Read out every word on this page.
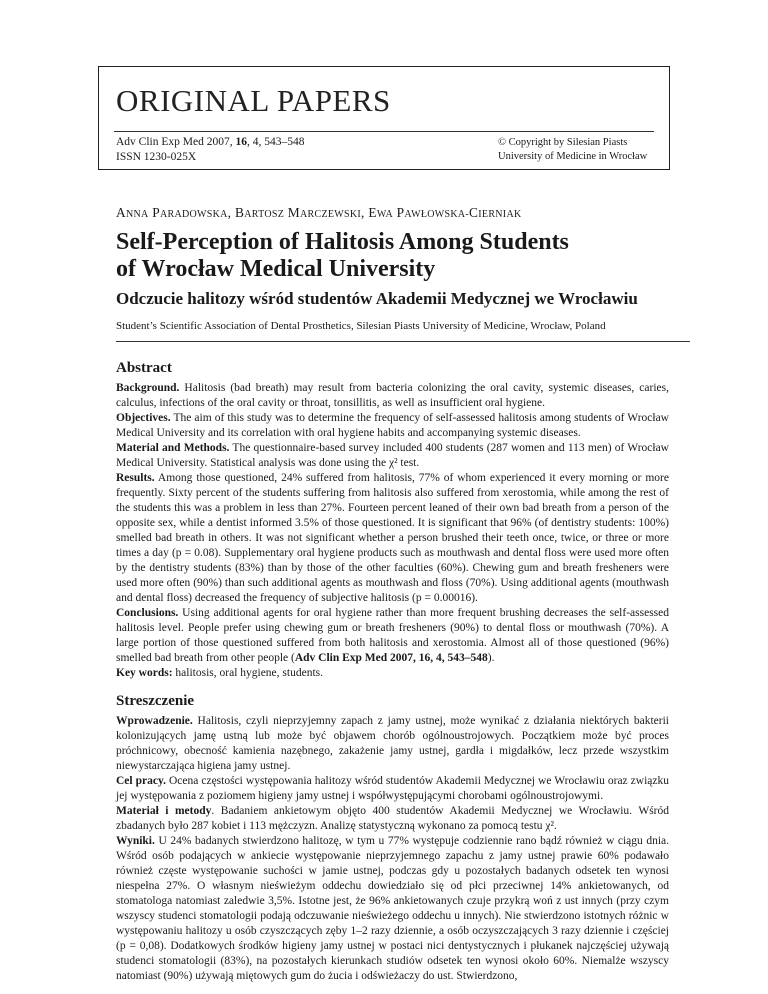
ORIGINAL PAPERS
Adv Clin Exp Med 2007, 16, 4, 543–548
ISSN 1230-025X
© Copyright by Silesian Piasts
University of Medicine in Wrocław
ANNA PARADOWSKA, BARTOSZ MARCZEWSKI, EWA PAWŁOWSKA-CIERNIAK
Self-Perception of Halitosis Among Students
of Wrocław Medical University
Odczucie halitozy wśród studentów Akademii Medycznej we Wrocławiu
Student’s Scientific Association of Dental Prosthetics, Silesian Piasts University of Medicine, Wrocław, Poland
Abstract

Background. Halitosis (bad breath) may result from bacteria colonizing the oral cavity, systemic diseases, caries, calculus, infections of the oral cavity or throat, tonsillitis, as well as insufficient oral hygiene.

Objectives. The aim of this study was to determine the frequency of self-assessed halitosis among students of Wrocław Medical University and its correlation with oral hygiene habits and accompanying systemic diseases.

Material and Methods. The questionnaire-based survey included 400 students (287 women and 113 men) of Wrocław Medical University. Statistical analysis was done using the χ² test.

Results. Among those questioned, 24% suffered from halitosis, 77% of whom experienced it every morning or more frequently. Sixty percent of the students suffering from halitosis also suffered from xerostomia, while among the rest of the students this was a problem in less than 27%. Fourteen percent leaned of their own bad breath from a person of the opposite sex, while a dentist informed 3.5% of those questioned. It is significant that 96% (of dentistry students: 100%) smelled bad breath in others. It was not significant whether a person brushed their teeth once, twice, or three or more times a day (p = 0.08). Supplementary oral hygiene products such as mouthwash and dental floss were used more often by the dentistry students (83%) than by those of the other faculties (60%). Chewing gum and breath fresheners were used more often (90%) than such additional agents as mouthwash and floss (70%). Using additional agents (mouthwash and dental floss) decreased the frequency of subjective halitosis (p = 0.00016).

Conclusions. Using additional agents for oral hygiene rather than more frequent brushing decreases the self-assessed halitosis level. People prefer using chewing gum or breath fresheners (90%) to dental floss or mouthwash (70%). A large portion of those questioned suffered from both halitosis and xerostomia. Almost all of those questioned (96%) smelled bad breath from other people (Adv Clin Exp Med 2007, 16, 4, 543–548).

Key words: halitosis, oral hygiene, students.
Streszczenie

Wprowadzenie. Halitosis, czyli nieprzyjemny zapach z jamy ustnej, może wynikać z działania niektórych bakterii kolonizujących jamę ustną lub może być objawem chorób ogólnoustrojowych. Początkiem może być proces próchnicowy, obecność kamienia nazębnego, zakażenie jamy ustnej, gardła i migdałków, lecz przede wszystkim niewystarczająca higiena jamy ustnej.

Cel pracy. Ocena częstości występowania halitozy wśród studentów Akademii Medycznej we Wrocławiu oraz związku jej występowania z poziomem higieny jamy ustnej i współwystępującymi chorobami ogólnoustrojowymi.

Materiał i metody. Badaniem ankietowym objęto 400 studentów Akademii Medycznej we Wrocławiu. Wśród zbadanych było 287 kobiet i 113 mężczyzn. Analizę statystyczną wykonano za pomocą testu χ².

Wyniki. U 24% badanych stwierdzono halitozę, w tym u 77% występuje codziennie rano bądź również w ciągu dnia. Wśród osób podających w ankiecie występowanie nieprzyjemnego zapachu z jamy ustnej prawie 60% podawało również częste występowanie suchości w jamie ustnej, podczas gdy u pozostałych badanych odsetek ten wynosi niespełna 27%. O własnym nieświeżym oddechu dowiedziało się od płci przeciwnej 14% ankietowanych, od stomatologa natomiast zaledwie 3,5%. Istotne jest, że 96% ankietowanych czuje przykrą woń z ust innych (przy czym wszyscy studenci stomatologii podają odczuwanie nieświeżego oddechu u innych). Nie stwierdzono istotnych różnic w występowaniu halitozy u osób czyszczących zęby 1–2 razy dziennie, a osób oczyszczających 3 razy dziennie i częściej (p = 0,08). Dodatkowych środków higieny jamy ustnej w postaci nici dentystycznych i płukanek najczęściej używają studenci stomatologii (83%), na pozostałych kierunkach studiów odsetek ten wynosi około 60%. Niemalże wszyscy natomiast (90%) używają miętowych gum do żucia i odświeżaczy do ust. Stwierdzono,
